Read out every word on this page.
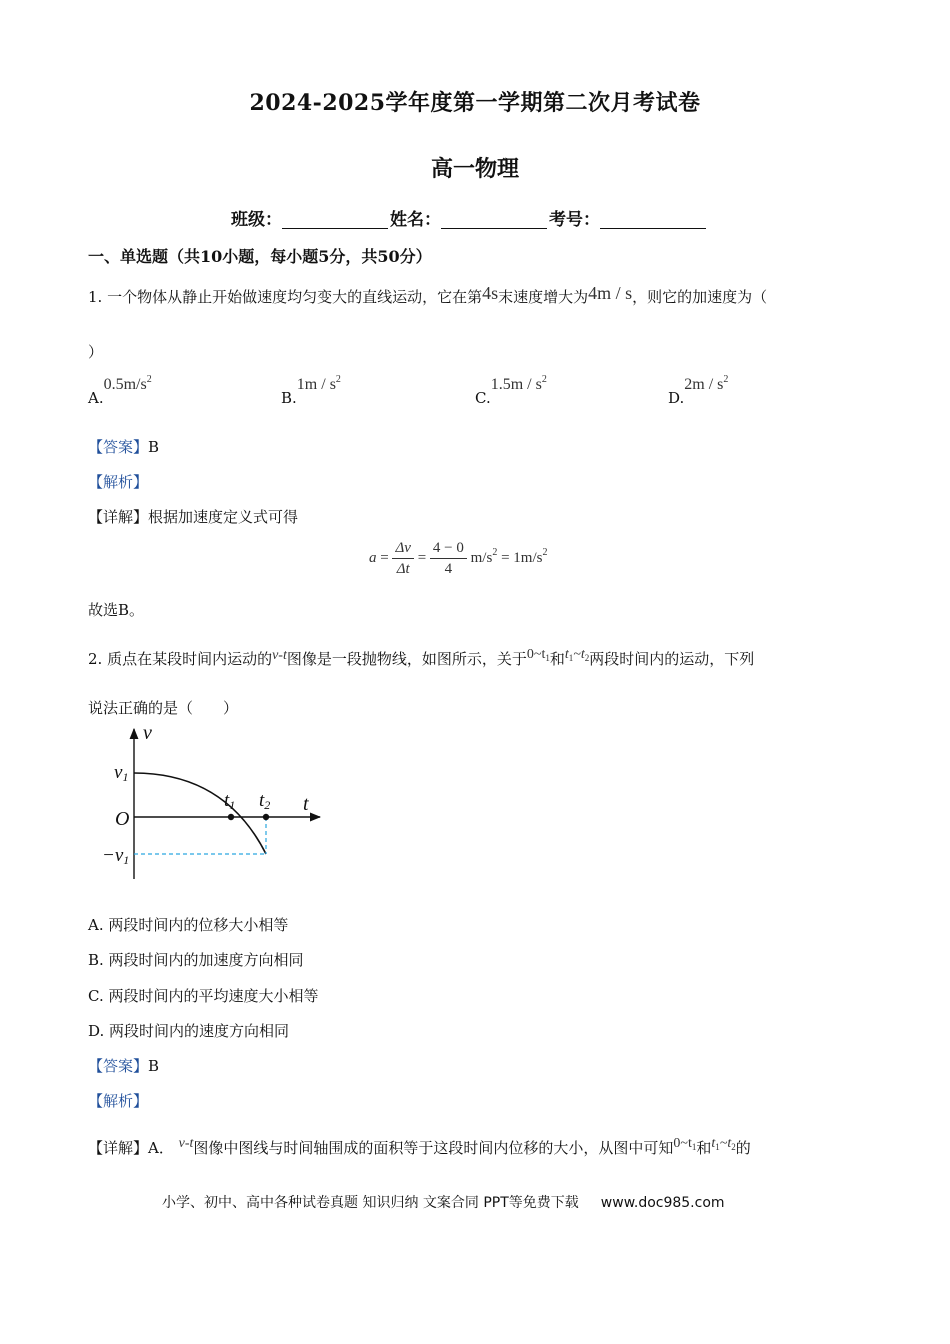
2024-2025学年度第一学期第二次月考试卷
高一物理
班级：	姓名：	考号：
一、单选题（共10小题，每小题5分，共50分）
1. 一个物体从静止开始做速度均匀变大的直线运动，它在第4s末速度增大为4m / s，则它的加速度为（
）
$A.0.5m/s^2$
$B.1m / s^2$
$C.1.5m / s^2$
$D.2m / s^2$
【答案】B
【解析】
【详解】根据加速度定义式可得
$a = \frac{\Delta v}{\Delta t} = \frac{4 - 0}{4} m/s^2 = 1m/s^2$
故选B。
2. 质点在某段时间内运动的v-t图像是一段抛物线，如图所示，关于$0\sim t_1$和$t_1\sim t_2$两段时间内的运动，下列
说法正确的是（　　）
v
t
O
$v_1$
$-v_1$
$t_1$ $t_2$
A. 两段时间内的位移大小相等
B. 两段时间内的加速度方向相同
C. 两段时间内的平均速度大小相等
D. 两段时间内的速度方向相同
【答案】B
【解析】
【详解】A． v-t图像中图线与时间轴围成的面积等于这段时间内位移的大小，从图中可知$0\sim t_1$和$t_1\sim t_2$的
小学、初中、高中各种试卷真题 知识归纳 文案合同 PPT等免费下载 www.doc985.com
